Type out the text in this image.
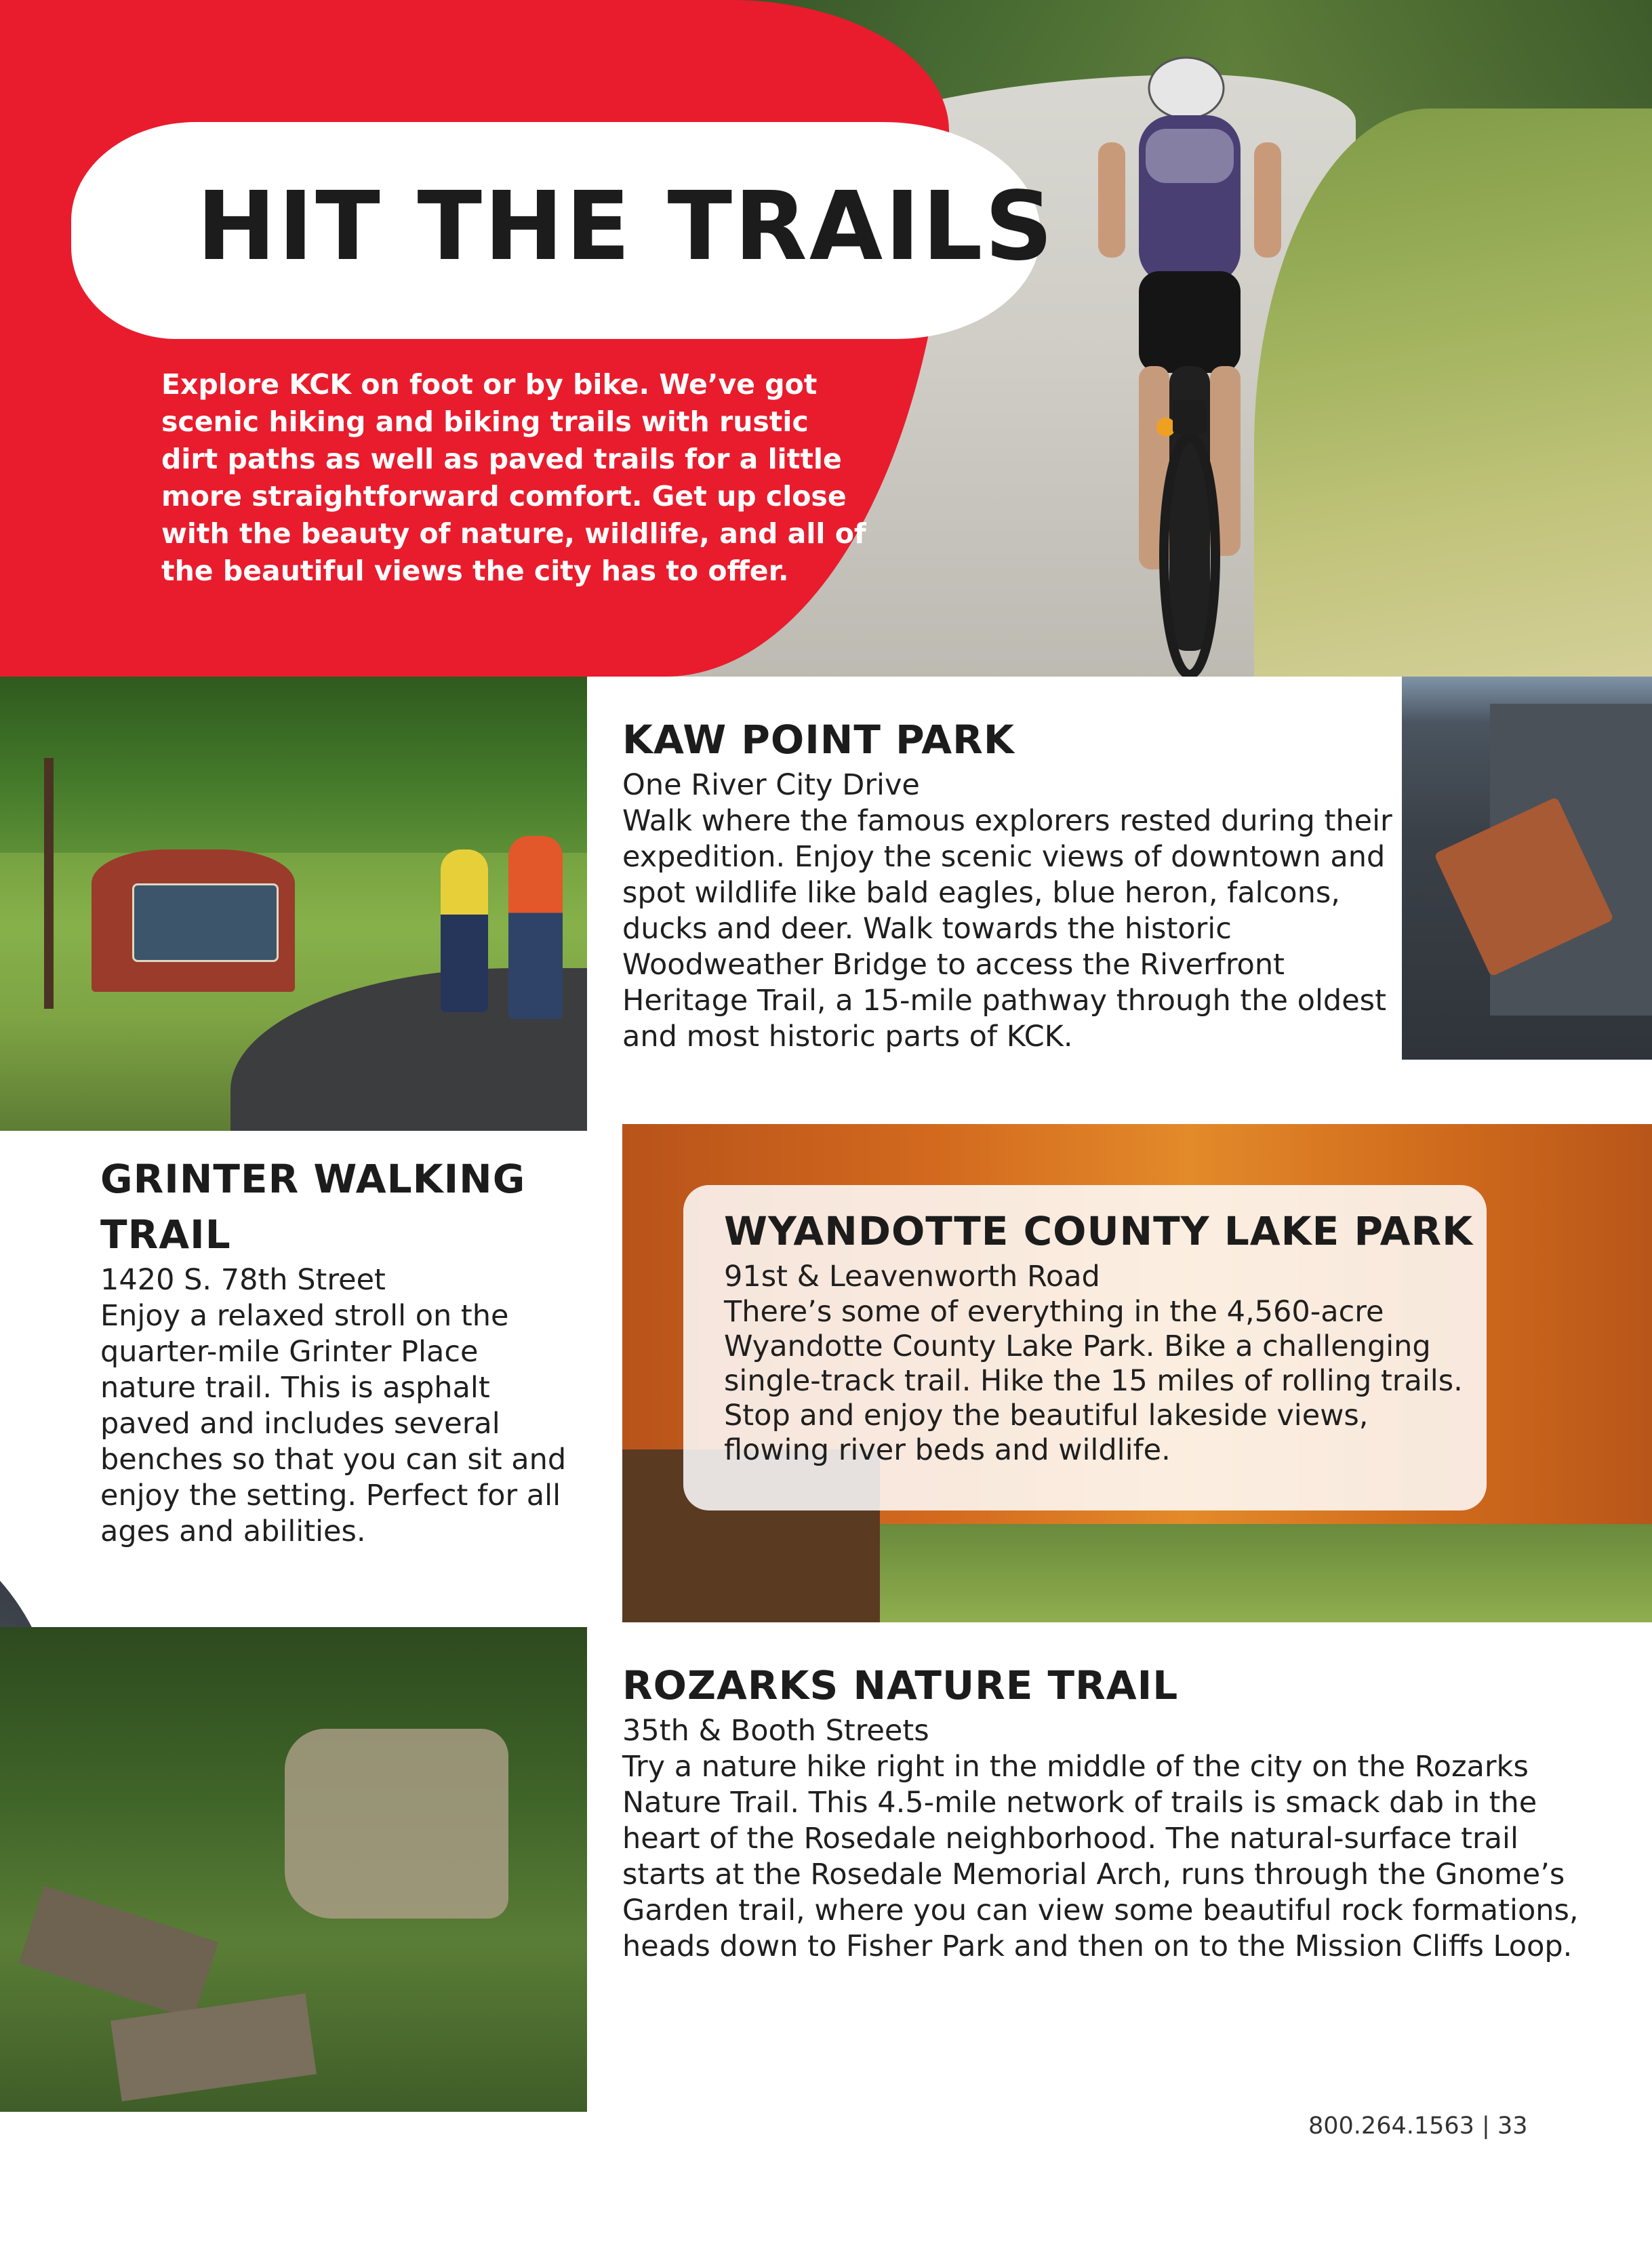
HIT THE TRAILS

Explore KCK on foot or by bike. We’ve got scenic hiking and biking trails with rustic dirt paths as well as paved trails for a little more straightforward comfort. Get up close with the beauty of nature, wildlife, and all of the beautiful views the city has to offer.

KAW POINT PARK

One River City Drive

Walk where the famous explorers rested during their expedition. Enjoy the scenic views of downtown and spot wildlife like bald eagles, blue heron, falcons, ducks and deer. Walk towards the historic Woodweather Bridge to access the Riverfront Heritage Trail, a 15-mile pathway through the oldest and most historic parts of KCK.

WYANDOTTE COUNTY LAKE PARK

91st & Leavenworth Road

There’s some of everything in the 4,560-acre Wyandotte County Lake Park. Bike a challenging single-track trail. Hike the 15 miles of rolling trails. Stop and enjoy the beautiful lakeside views, flowing river beds and wildlife.

GRINTER WALKING TRAIL

1420 S. 78th Street

Enjoy a relaxed stroll on the quarter-mile Grinter Place nature trail. This is asphalt paved and includes several benches so that you can sit and enjoy the setting. Perfect for all ages and abilities.

ROZARKS NATURE TRAIL

35th & Booth Streets

Try a nature hike right in the middle of the city on the Rozarks Nature Trail. This 4.5-mile network of trails is smack dab in the heart of the Rosedale neighborhood. The natural-surface trail starts at the Rosedale Memorial Arch, runs through the Gnome’s Garden trail, where you can view some beautiful rock formations, heads down to Fisher Park and then on to the Mission Cliffs Loop.

800.264.1563 | 33
